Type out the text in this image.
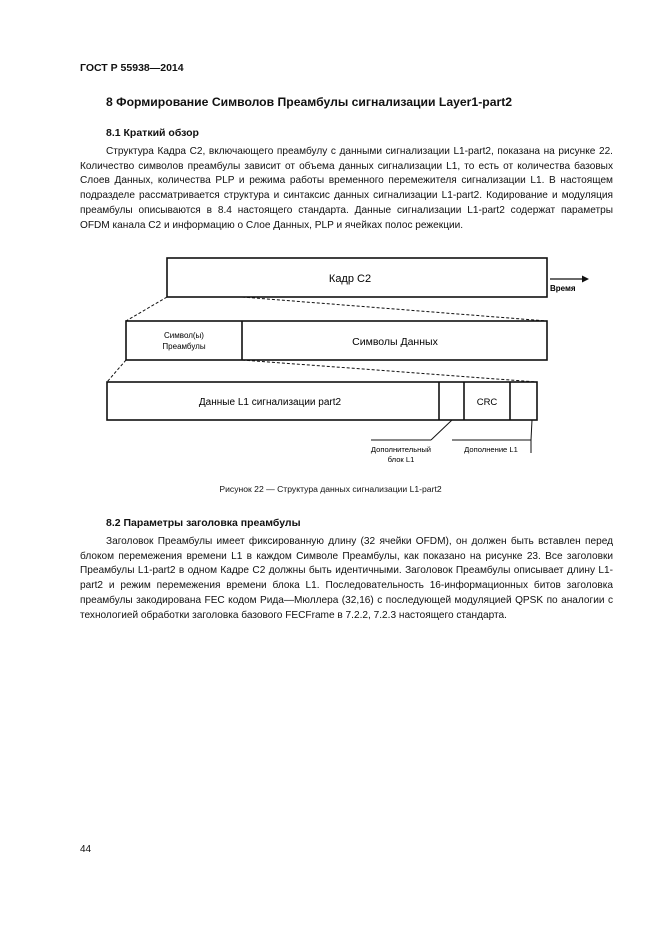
ГОСТ Р 55938—2014
8 Формирование Символов Преамбулы сигнализации Layer1-part2
8.1 Краткий обзор

Структура Кадра C2, включающего преамбулу с данными сигнализации L1-part2, показана на рисунке 22. Количество символов преамбулы зависит от объема данных сигнализации L1, то есть от количества базовых Слоев Данных, количества PLP и режима работы временного перемежителя сигнализации L1. В настоящем подразделе рассматривается структура и синтаксис данных сигнализации L1-part2. Кодирование и модуляция преамбулы описываются в 8.4 настоящего стандарта. Данные сигнализации L1-part2 содержат параметры OFDM канала C2 и информацию о Слое Данных, PLP и ячейках полос режекции.

Кадр С2
Время
Символ(ы)
Преамбулы	Символы Данных
Данные L1 сигнализации part2	CRC
Дополнительный
блок L1
Дополнение L1
Рисунок 22 — Структура данных сигнализации L1-part2
8.2 Параметры заголовка преамбулы

Заголовок Преамбулы имеет фиксированную длину (32 ячейки OFDM), он должен быть вставлен перед блоком перемежения времени L1 в каждом Символе Преамбулы, как показано на рисунке 23. Все заголовки Преамбулы L1-part2 в одном Кадре C2 должны быть идентичными. Заголовок Преамбулы описывает длину L1-part2 и режим перемежения времени блока L1. Последовательность 16-информационных битов заголовка преамбулы закодирована FEC кодом Рида—Мюллера (32,16) с последующей модуляцией QPSK по аналогии с технологией обработки заголовка базового FECFrame в 7.2.2, 7.2.3 настоящего стандарта.

44
